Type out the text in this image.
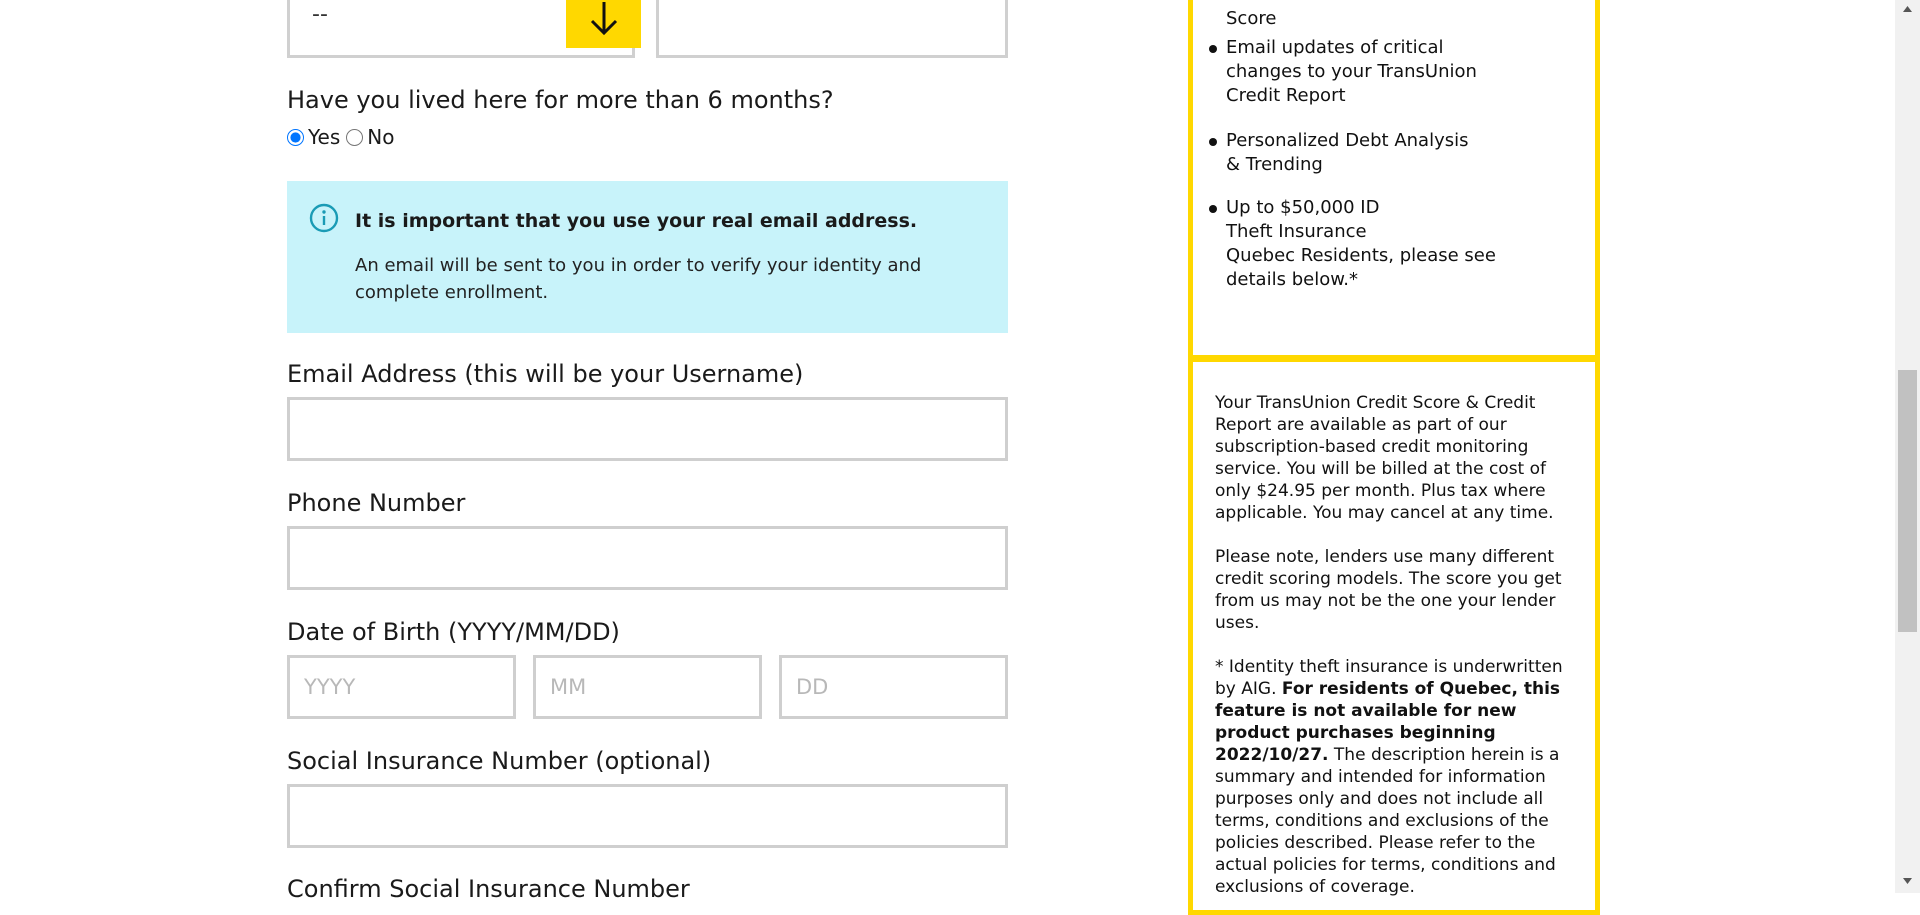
--
Have you lived here for more than 6 months?
Yes No
It is important that you use your real email address.
An email will be sent to you in order to verify your identity and complete enrollment.
Email Address (this will be your Username)
Phone Number
Date of Birth (YYYY/MM/DD)
YYYY	MM	DD
Social Insurance Number (optional)
Confirm Social Insurance Number
Score
Email updates of critical changes to your TransUnion Credit Report
Personalized Debt Analysis & Trending
Up to $50,000 ID Theft Insurance
Quebec Residents, please see details below.*
Your TransUnion Credit Score & Credit Report are available as part of our subscription-based credit monitoring service. You will be billed at the cost of only $24.95 per month. Plus tax where applicable. You may cancel at any time.
Please note, lenders use many different credit scoring models. The score you get from us may not be the one your lender uses.
* Identity theft insurance is underwritten by AIG. For residents of Quebec, this feature is not available for new product purchases beginning 2022/10/27. The description herein is a summary and intended for information purposes only and does not include all terms, conditions and exclusions of the policies described. Please refer to the actual policies for terms, conditions and exclusions of coverage.
